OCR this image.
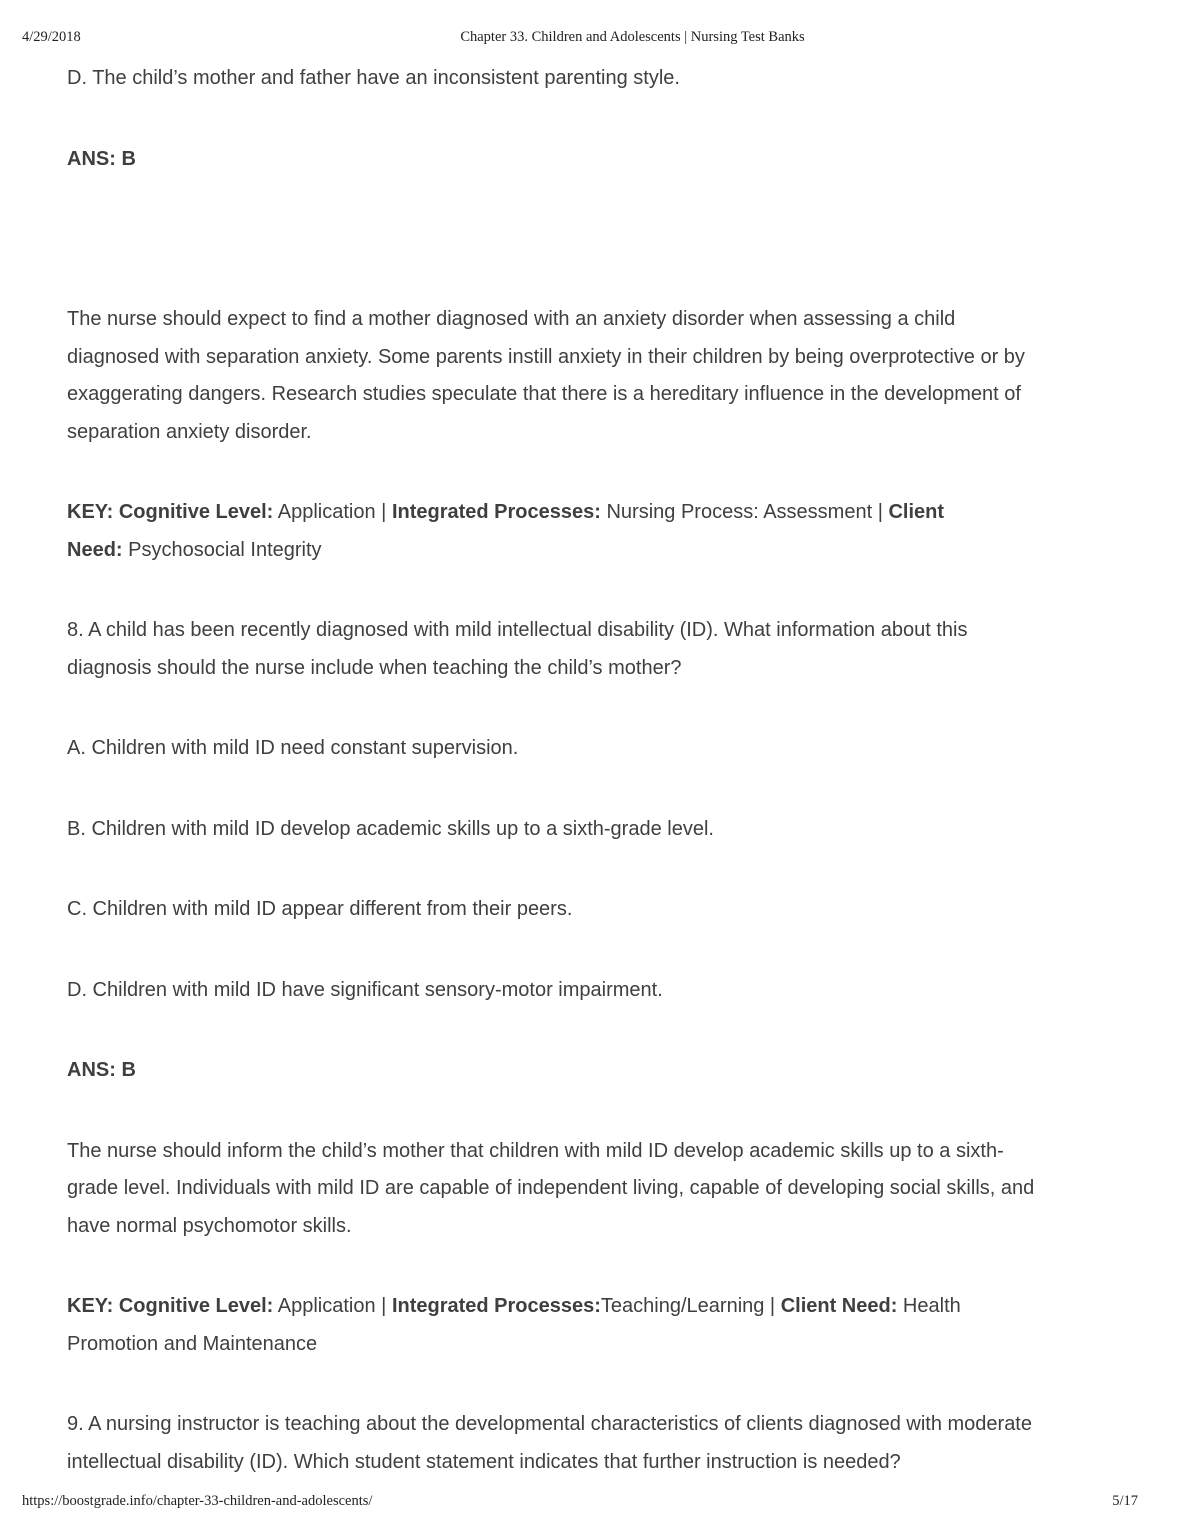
4/29/2018	Chapter 33. Children and Adolescents | Nursing Test Banks

D. The child’s mother and father have an inconsistent parenting style.

ANS: B

The nurse should expect to find a mother diagnosed with an anxiety disorder when assessing a child

diagnosed with separation anxiety. Some parents instill anxiety in their children by being overprotective or by

exaggerating dangers. Research studies speculate that there is a hereditary influence in the development of

separation anxiety disorder.

KEY: Cognitive Level: Application | Integrated Processes: Nursing Process: Assessment | Client

Need: Psychosocial Integrity

8. A child has been recently diagnosed with mild intellectual disability (ID). What information about this

diagnosis should the nurse include when teaching the child’s mother?

A. Children with mild ID need constant supervision.

B. Children with mild ID develop academic skills up to a sixth-grade level.

C. Children with mild ID appear different from their peers.

D. Children with mild ID have significant sensory-motor impairment.

ANS: B

The nurse should inform the child’s mother that children with mild ID develop academic skills up to a sixth-

grade level. Individuals with mild ID are capable of independent living, capable of developing social skills, and

have normal psychomotor skills.

KEY: Cognitive Level: Application | Integrated Processes:Teaching/Learning | Client Need: Health

Promotion and Maintenance

9. A nursing instructor is teaching about the developmental characteristics of clients diagnosed with moderate

intellectual disability (ID). Which student statement indicates that further instruction is needed?

https://boostgrade.info/chapter-33-children-and-adolescents/	5/17
